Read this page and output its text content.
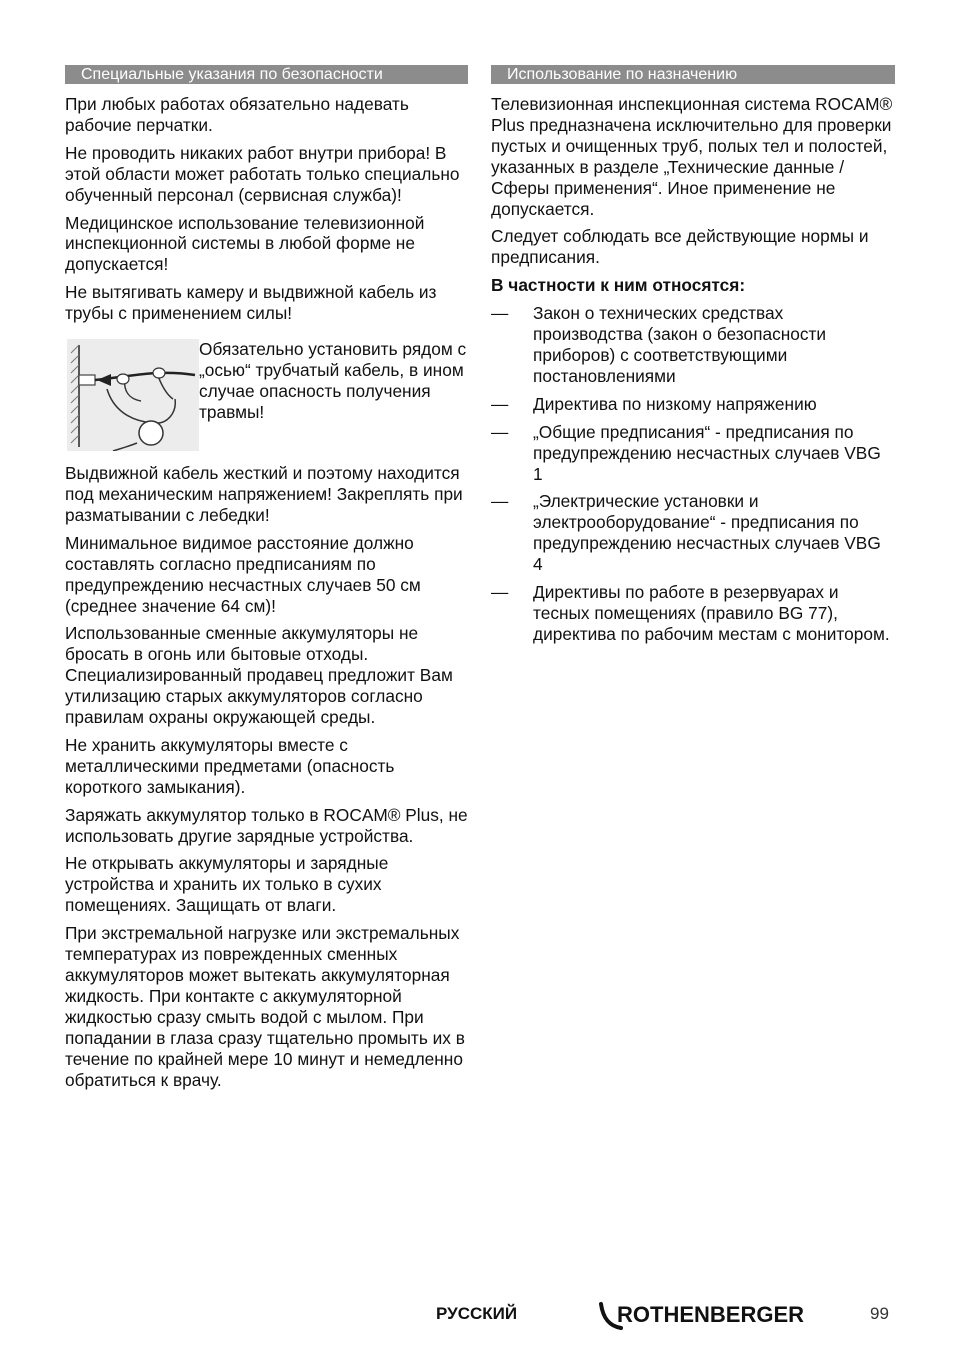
Специальные указания по безопасности

При любых работах обязательно надевать рабочие перчатки.

Не проводить никаких работ внутри прибора! В этой области может работать только специально обученный персонал (сервисная служба)!

Медицинское использование телевизионной инспекционной системы в любой форме не допускается!

Не вытягивать камеру и выдвижной кабель из трубы с применением силы!

Обязательно установить рядом с „осью“ трубчатый кабель, в ином случае опасность получения травмы!

Выдвижной кабель жесткий и поэтому находится под механическим напряжением! Закреплять при разматывании с лебедки!

Минимальное видимое расстояние должно составлять согласно предписаниям по предупреждению несчастных случаев 50 см (среднее значение 64 см)!

Использованные сменные аккумуляторы не бросать в огонь или бытовые отходы. Специализированный продавец предложит Вам утилизацию старых аккумуляторов согласно правилам охраны окружающей среды.

Не хранить аккумуляторы вместе с металлическими предметами (опасность короткого замыкания).

Заряжать аккумулятор только в ROCAM® Plus, не использовать другие зарядные устройства.

Не открывать аккумуляторы и зарядные устройства и хранить их только в сухих помещениях. Защищать от влаги.

При экстремальной нагрузке или экстремальных температурах из поврежденных сменных аккумуляторов может вытекать аккумуляторная жидкость. При контакте с аккумуляторной жидкостью сразу смыть водой с мылом. При попадании в глаза сразу тщательно промыть их в течение по крайней мере 10 минут и немедленно обратиться к врачу.

Использование по назначению

Телевизионная инспекционная система ROCAM® Plus предназначена исключительно для проверки пустых и очищенных труб, полых тел и полостей, указанных в разделе „Технические данные / Сферы применения“. Иное применение не допускается.

Следует соблюдать все действующие нормы и предписания.

В частности к ним относятся:

—	Закон о технических средствах производства (закон о безопасности приборов) с соответствующими постановлениями
—	Директива по низкому напряжению
—	„Общие предписания“ - предписания по предупреждению несчастных случаев VBG 1
—	„Электрические установки и электрооборудование“ - предписания по предупреждению несчастных случаев VBG 4
—	Директивы по работе в резервуарах и тесных помещениях (правило BG 77), директива по рабочим местам с монитором.
РУССКИЙ	ROTHENBERGER	99
